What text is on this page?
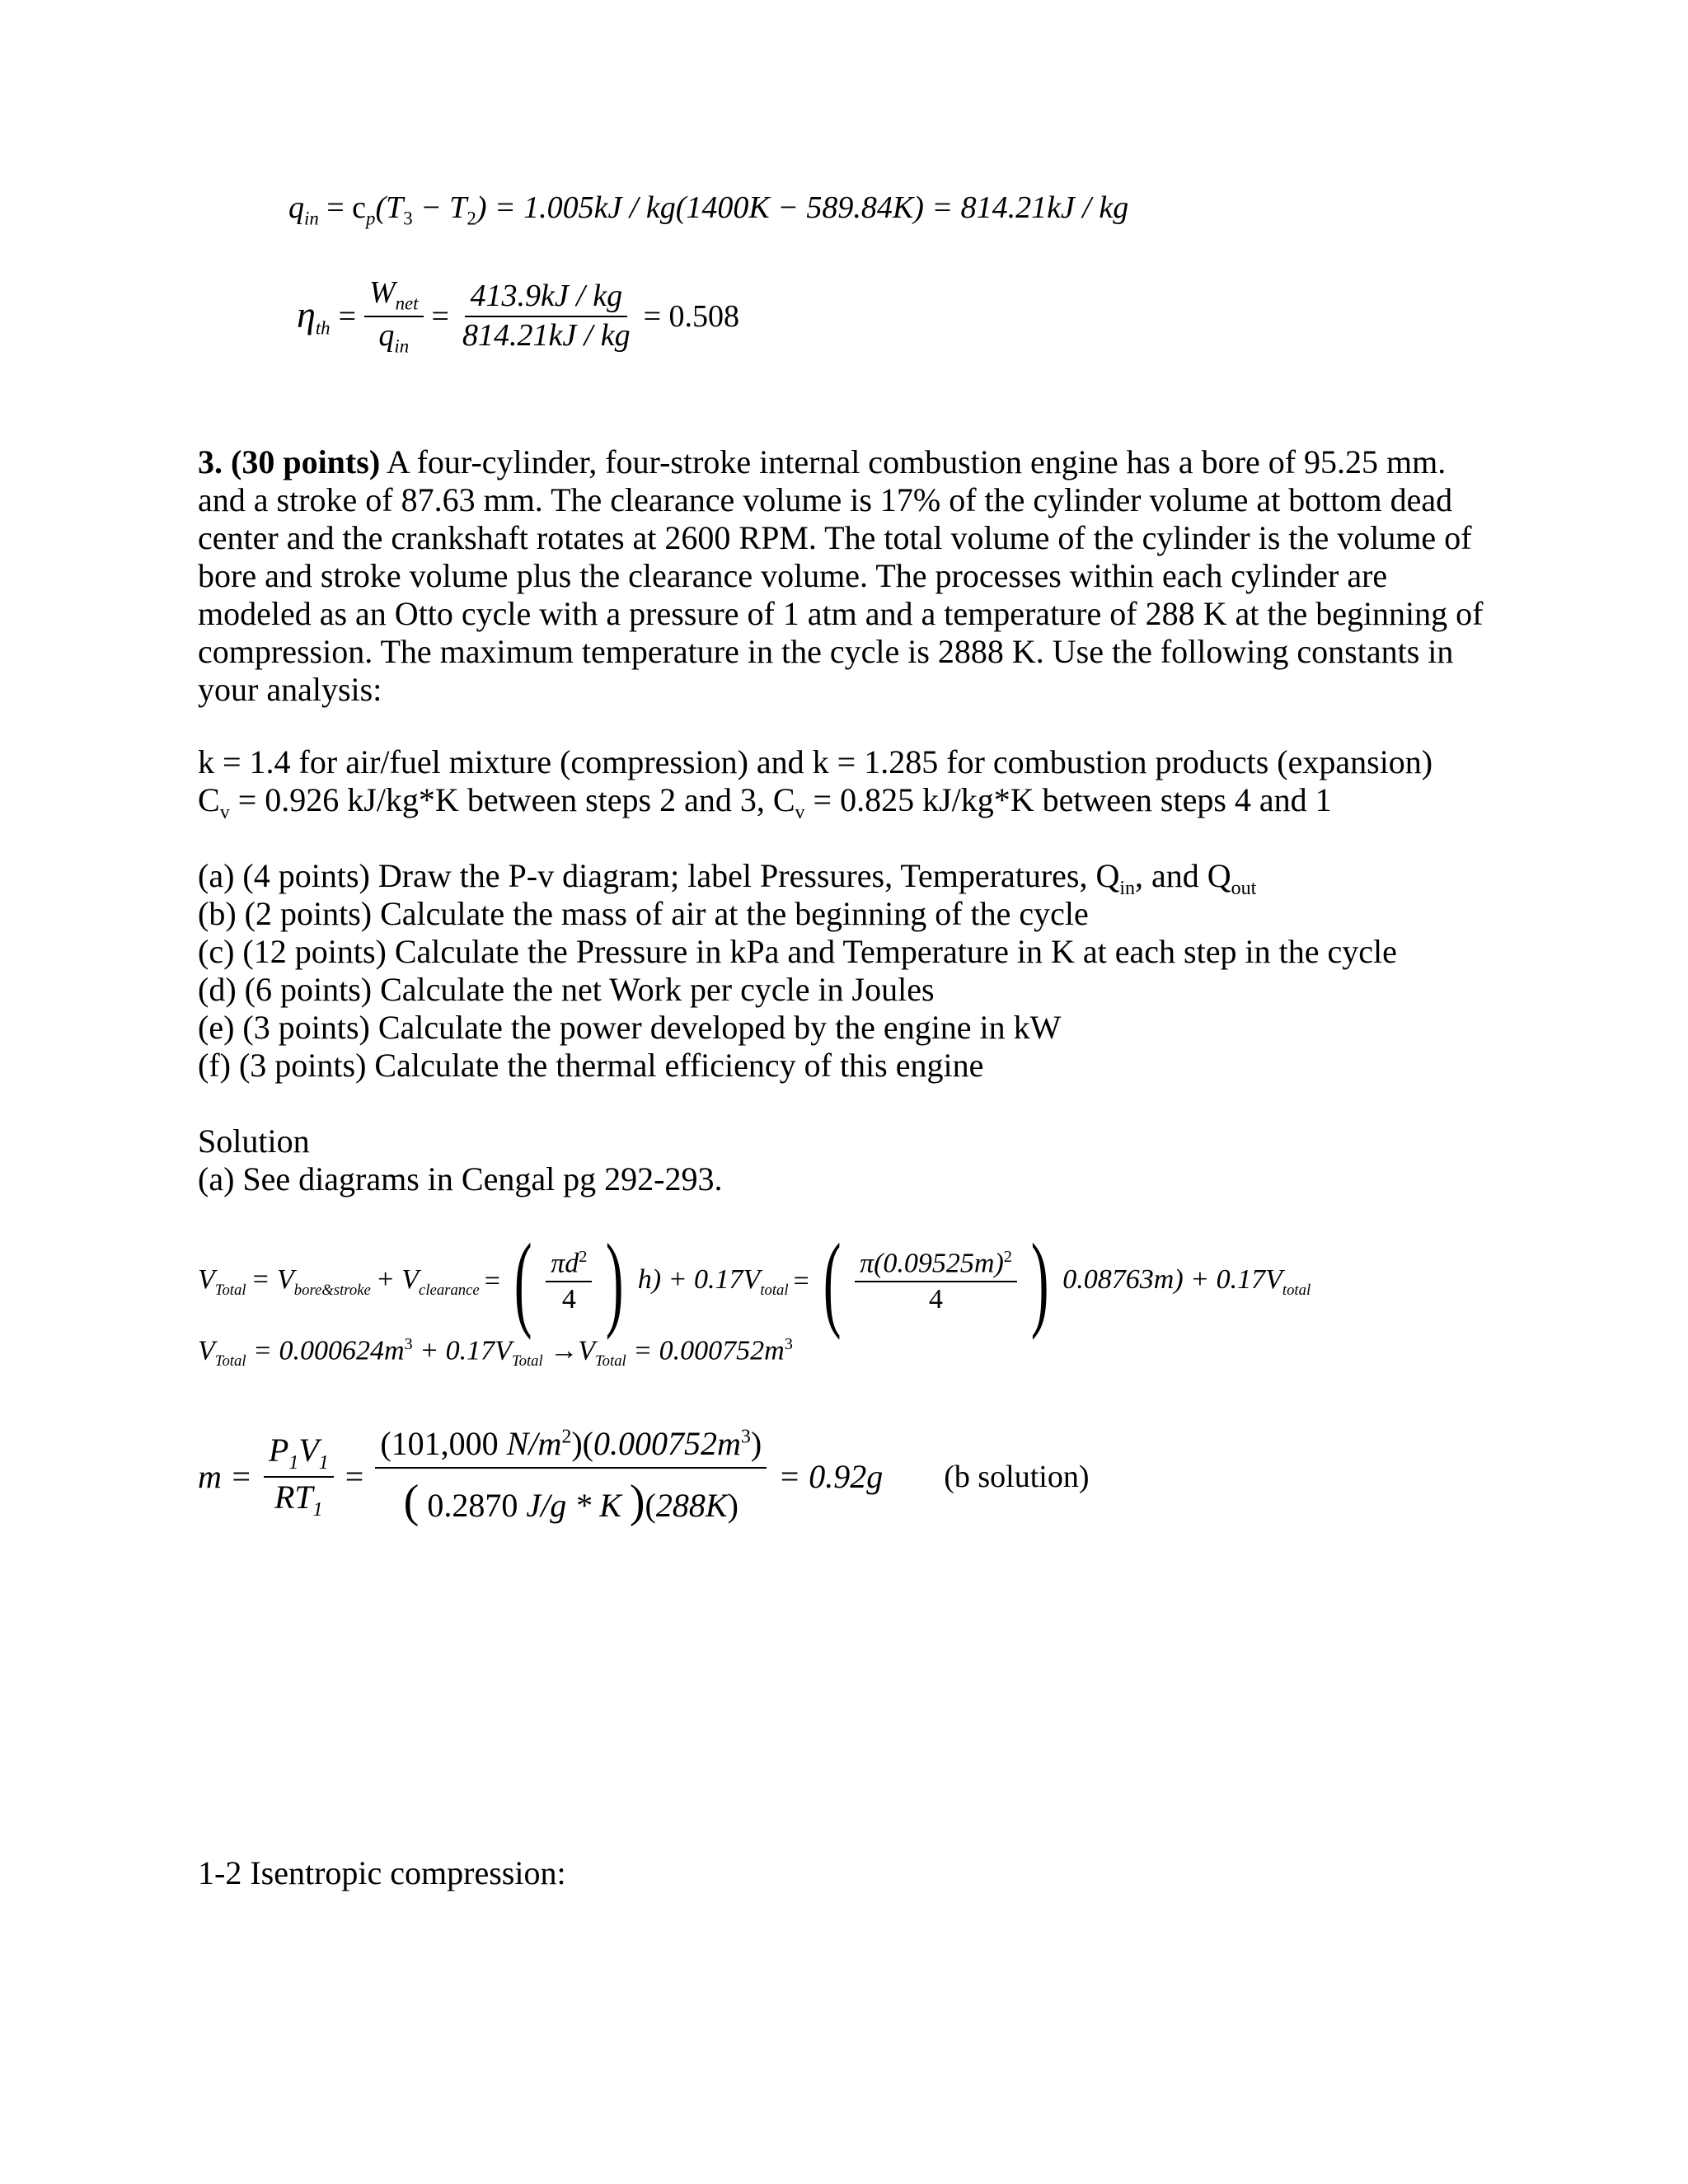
$q_{in} = c_p(T_3 - T_2) = 1.005kJ / kg(1400K - 589.84K) = 814.21kJ$ / kg
$\eta_{th} = \frac{W_{net}}{q_{in}} = \frac{413.9kJ / kg}{814.21kJ / kg} = 0.508$
3. (30 points) A four-cylinder, four-stroke internal combustion engine has a bore of 95.25 mm. and a stroke of 87.63 mm. The clearance volume is 17% of the cylinder volume at bottom dead center and the crankshaft rotates at 2600 RPM. The total volume of the cylinder is the volume of bore and stroke volume plus the clearance volume. The processes within each cylinder are modeled as an Otto cycle with a pressure of 1 atm and a temperature of 288 K at the beginning of compression. The maximum temperature in the cycle is 2888 K. Use the following constants in your analysis:
k = 1.4 for air/fuel mixture (compression) and k = 1.285 for combustion products (expansion)
$C_v = 0.926$ kJ/kg*K between steps 2 and 3, $C_v = 0.825$ kJ/kg*K between steps 4 and 1
(a) (4 points) Draw the P-v diagram; label Pressures, Temperatures, $Q_{in}$, and $Q_{out}$
(b) (2 points) Calculate the mass of air at the beginning of the cycle
(c) (12 points) Calculate the Pressure in kPa and Temperature in K at each step in the cycle
(d) (6 points) Calculate the net Work per cycle in Joules
(e) (3 points) Calculate the power developed by the engine in kW
(f) (3 points) Calculate the thermal efficiency of this engine
Solution
(a) See diagrams in Cengal pg 292-293.
$V_{Total} = V_{bore\&stroke} + V_{clearance}$ = ( $\frac{\pi d^2}{4}$ ) $h) + 0.17V_{total}$ = ( $\frac{\pi(0.09525m)^2}{4}$ ) $0.08763m) + 0.17V_{total}$
$V_{Total} = 0.000624m^3 + 0.17V_{Total} \to V_{Total} = 0.000752m^3$
$m = \frac{P_1V_1}{RT_1} = \frac{(101,000 N/m^2)(0.000752m^3)}{( 0.2870 J/g * K )(288K)} = 0.92g$ (b solution)
1-2 Isentropic compression:
